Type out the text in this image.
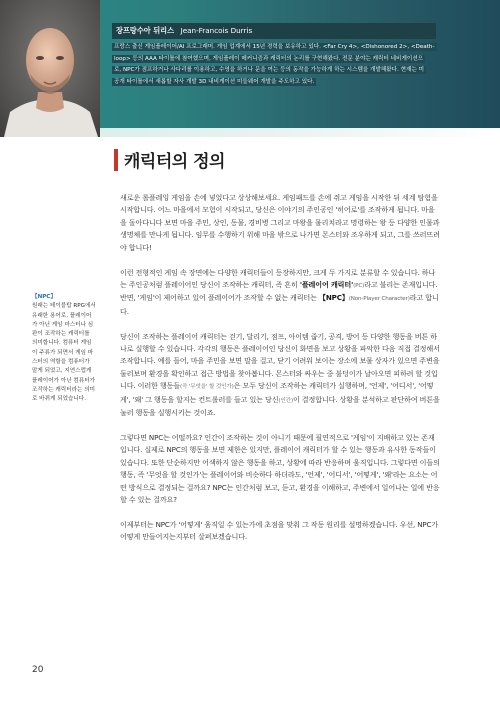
장프랑수아 뒤리스 Jean-Francois Durris
프랑스 출신 게임플레이어/AI 프로그래머. 게임 업계에서 15년 경력을 보유하고 있다. <Far Cry 4>, <Dishonored 2>, <Death-
loop> 등의 AAA 타이틀에 참여했으며, 게임플레이 메커니즘과 캐릭터의 논리를 구현해왔다. 전문 분야는 캐릭터 네비게이션으
로, NPC가 점프하거나 사다리를 이용하고, 수영을 하거나 문을 여는 등의 동작을 가능하게 하는 시스템을 개발해왔다. 현재는 미
공개 타이틀에서 새롭할 자사 개발 3D 내비게이션 미들웨어 개발을 주도하고 있다.
캐릭터의 정의

새로운 롤플레잉 게임을 손에 넣었다고 상상해보세요. 게임패드를 손에 쥐고 게임을 시작한 뒤 세계 탐험을 시작합니다. 어느 마을에서 모험이 시작되고, 당신은 이야기의 주인공인 '히어로'를 조작하게 됩니다. 마을을 돌아다니다 보면 마을 주민, 상인, 동물, 경비병 그리고 마왕을 물리치라고 명령하는 왕 등 다양한 인물과 생명체를 만나게 됩니다. 임무를 수행하기 위해 마을 밖으로 나가면 몬스터와 조우하게 되고, 그를 쓰러뜨려야 합니다!

이런 전형적인 게임 속 장면에는 다양한 캐릭터들이 등장하지만, 크게 두 가지로 분류할 수 있습니다. 하나는 주인공처럼 플레이어인 당신이 조작하는 캐릭터, 즉 흔히 '플레이어 캐릭터'(PC)라고 불리는 존재입니다. 반면, '게임'이 제어하고 있어 플레이어가 조작할 수 없는 캐릭터는 【NPC】(Non-Player Character)라고 합니다.

당신이 조작하는 플레이어 캐릭터는 걷기, 달리기, 점프, 아이템 줍기, 공격, 방어 등 다양한 행동을 버튼 하나로 실행할 수 있습니다. 각각의 행동은 플레이어인 당신이 화면을 보고 상황을 파악한 다음 직접 결정해서 조작합니다. 예를 들어, 마을 주민을 보면 말을 걸고, 닫기 어려워 보이는 장소에 보물 상자가 있으면 주변을 둘러보며 환경을 확인하고 접근 방법을 찾아봅니다. 몬스터와 싸우는 중 불덩이가 날아오면 피하려 할 것입니다. 이러한 행동들(즉 '무엇을' 할 것인가)은 모두 당신이 조작하는 캐릭터가 실행하며, '언제', '어디서', '어떻게', '왜' 그 행동을 할지는 컨트롤러를 들고 있는 당신(인간)이 결정합니다. 상황을 분석하고 판단하여 버튼을 눌러 행동을 실행시키는 것이죠.

그렇다면 NPC는 어떨까요? 인간이 조작하는 것이 아니기 때문에 필연적으로 '게임'이 지배하고 있는 존재입니다. 실제로 NPC의 행동을 보면 제한은 있지만, 플레이어 캐릭터가 할 수 있는 행동과 유사한 동작들이 있습니다. 또한 단순하지만 어색하지 않은 행동을 하고, 상황에 따라 반응하며 움직입니다. 그렇다면 이들의 행동, 즉 '무엇을 할 것인가'는 플레이어와 비슷하다 하더라도, '언제', '어디서', '어떻게', '왜'라는 요소는 어떤 방식으로 결정되는 걸까요? NPC는 인간처럼 보고, 듣고, 환경을 이해하고, 주변에서 일어나는 일에 반응할 수 있는 걸까요?

이제부터는 NPC가 '어떻게' 움직일 수 있는가에 초점을 맞춰 그 작동 원리를 설명하겠습니다. 우선, NPC가 어떻게 만들어지는지부터 살펴보겠습니다.

【NPC】
원래는 테이블탑 RPG에서 유래한 용어로, 플레이어가 아닌 게임 마스터나 심판이 조작하는 캐릭터를 의미합니다. 컴퓨터 게임이 주류가 되면서 게임 마스터의 역할을 컴퓨터가 맡게 되었고, 지연스럽게 플레이어가 아닌 컴퓨터가 조작하는 캐릭터라는 의미로 바뀌게 되었습니다.
20
